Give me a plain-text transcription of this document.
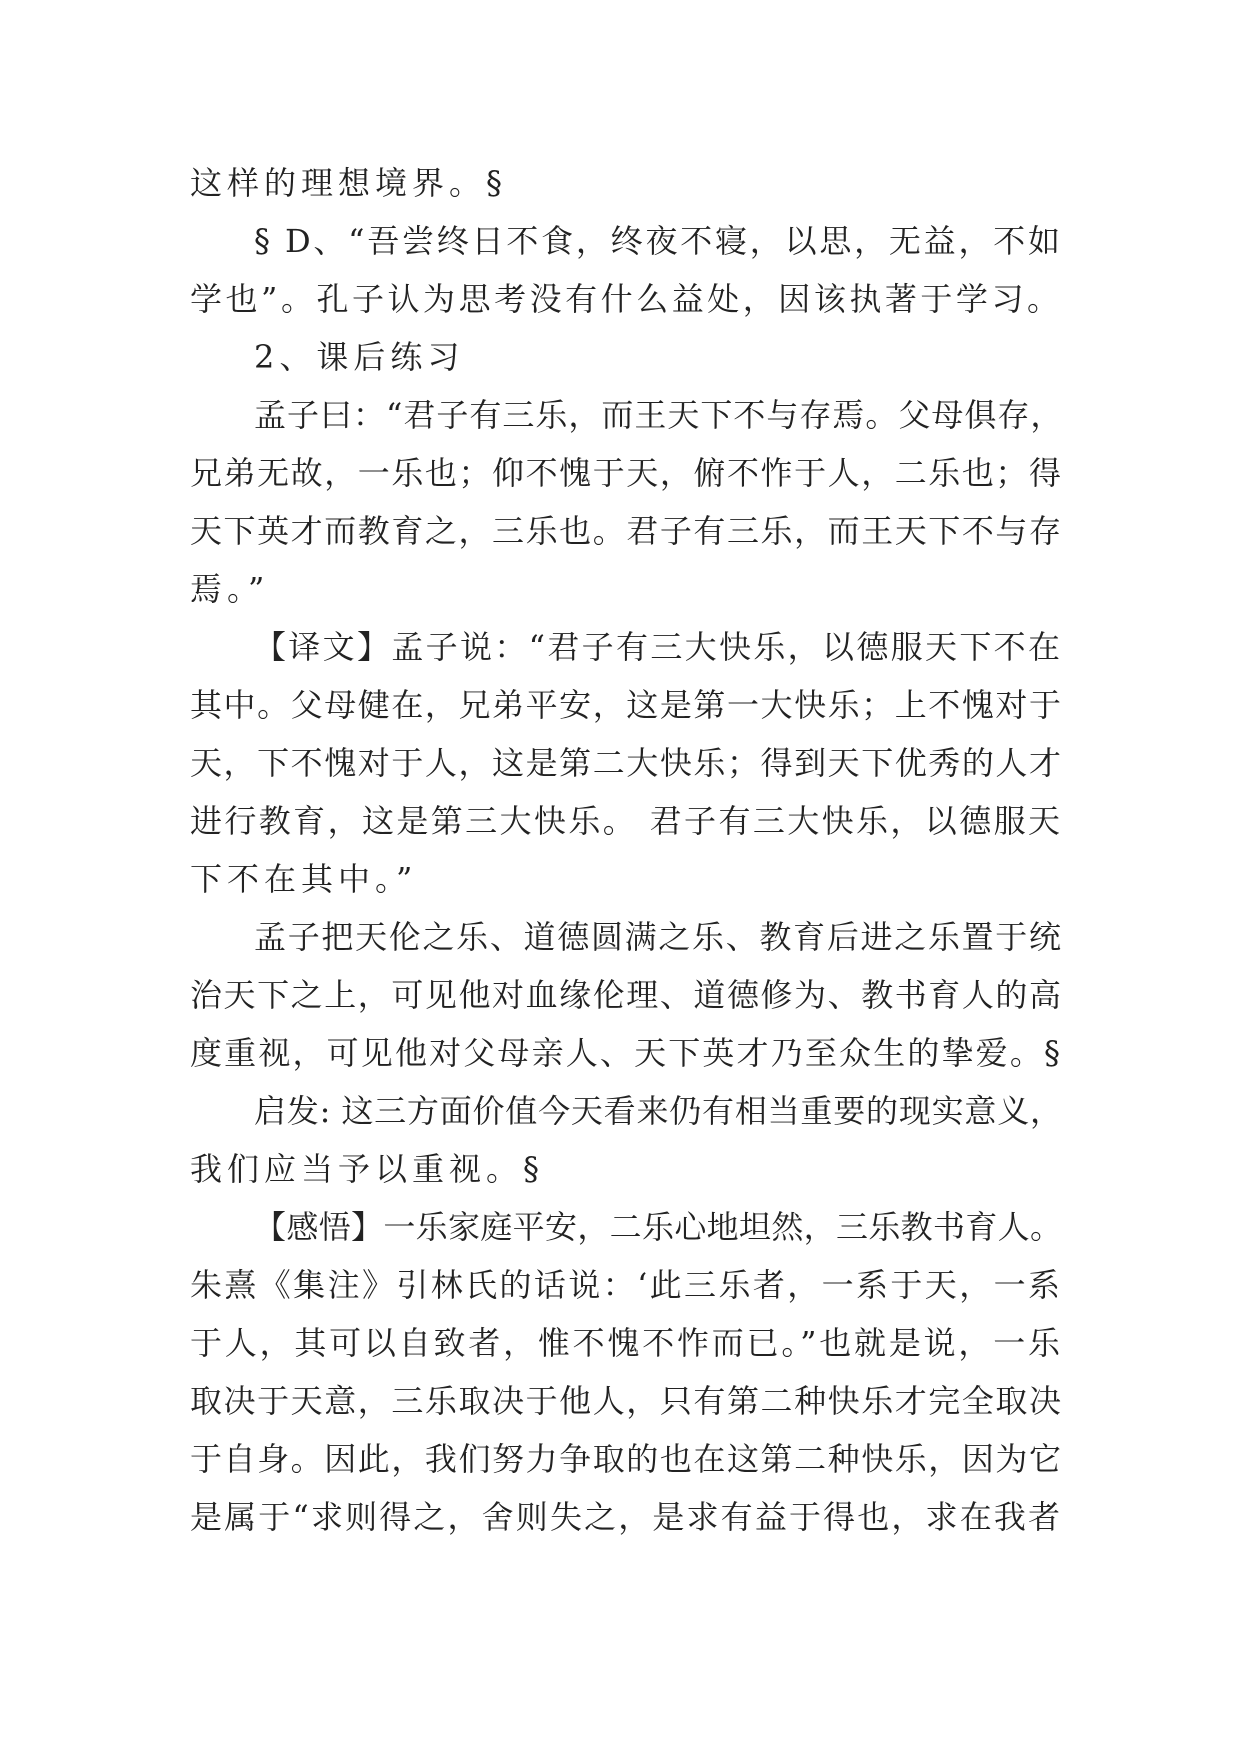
这样的理想境界。§
§ D、“吾尝终日不食，终夜不寝，以思，无益，不如
学也”。孔子认为思考没有什么益处，因该执著于学习。
2、课后练习
孟子曰：“君子有三乐，而王天下不与存焉。父母俱存，
兄弟无故，一乐也；仰不愧于天，俯不怍于人，二乐也；得
天下英才而教育之，三乐也。君子有三乐，而王天下不与存
焉。”
【译文】孟子说：“君子有三大快乐，以德服天下不在
其中。父母健在，兄弟平安，这是第一大快乐；上不愧对于
天，下不愧对于人，这是第二大快乐；得到天下优秀的人才
进行教育，这是第三大快乐。 君子有三大快乐，以德服天
下不在其中。”
孟子把天伦之乐、道德圆满之乐、教育后进之乐置于统
治天下之上，可见他对血缘伦理、道德修为、教书育人的高
度重视，可见他对父母亲人、天下英才乃至众生的挚爱。§
启发: 这三方面价值今天看来仍有相当重要的现实意义，
我们应当予以重视。§
【感悟】一乐家庭平安，二乐心地坦然，三乐教书育人。
朱熹《集注》引林氏的话说：‘此三乐者，一系于天，一系
于人，其可以自致者，惟不愧不怍而已。”也就是说，一乐
取决于天意，三乐取决于他人，只有第二种快乐才完全取决
于自身。因此，我们努力争取的也在这第二种快乐，因为它
是属于“求则得之，舍则失之，是求有益于得也，求在我者
